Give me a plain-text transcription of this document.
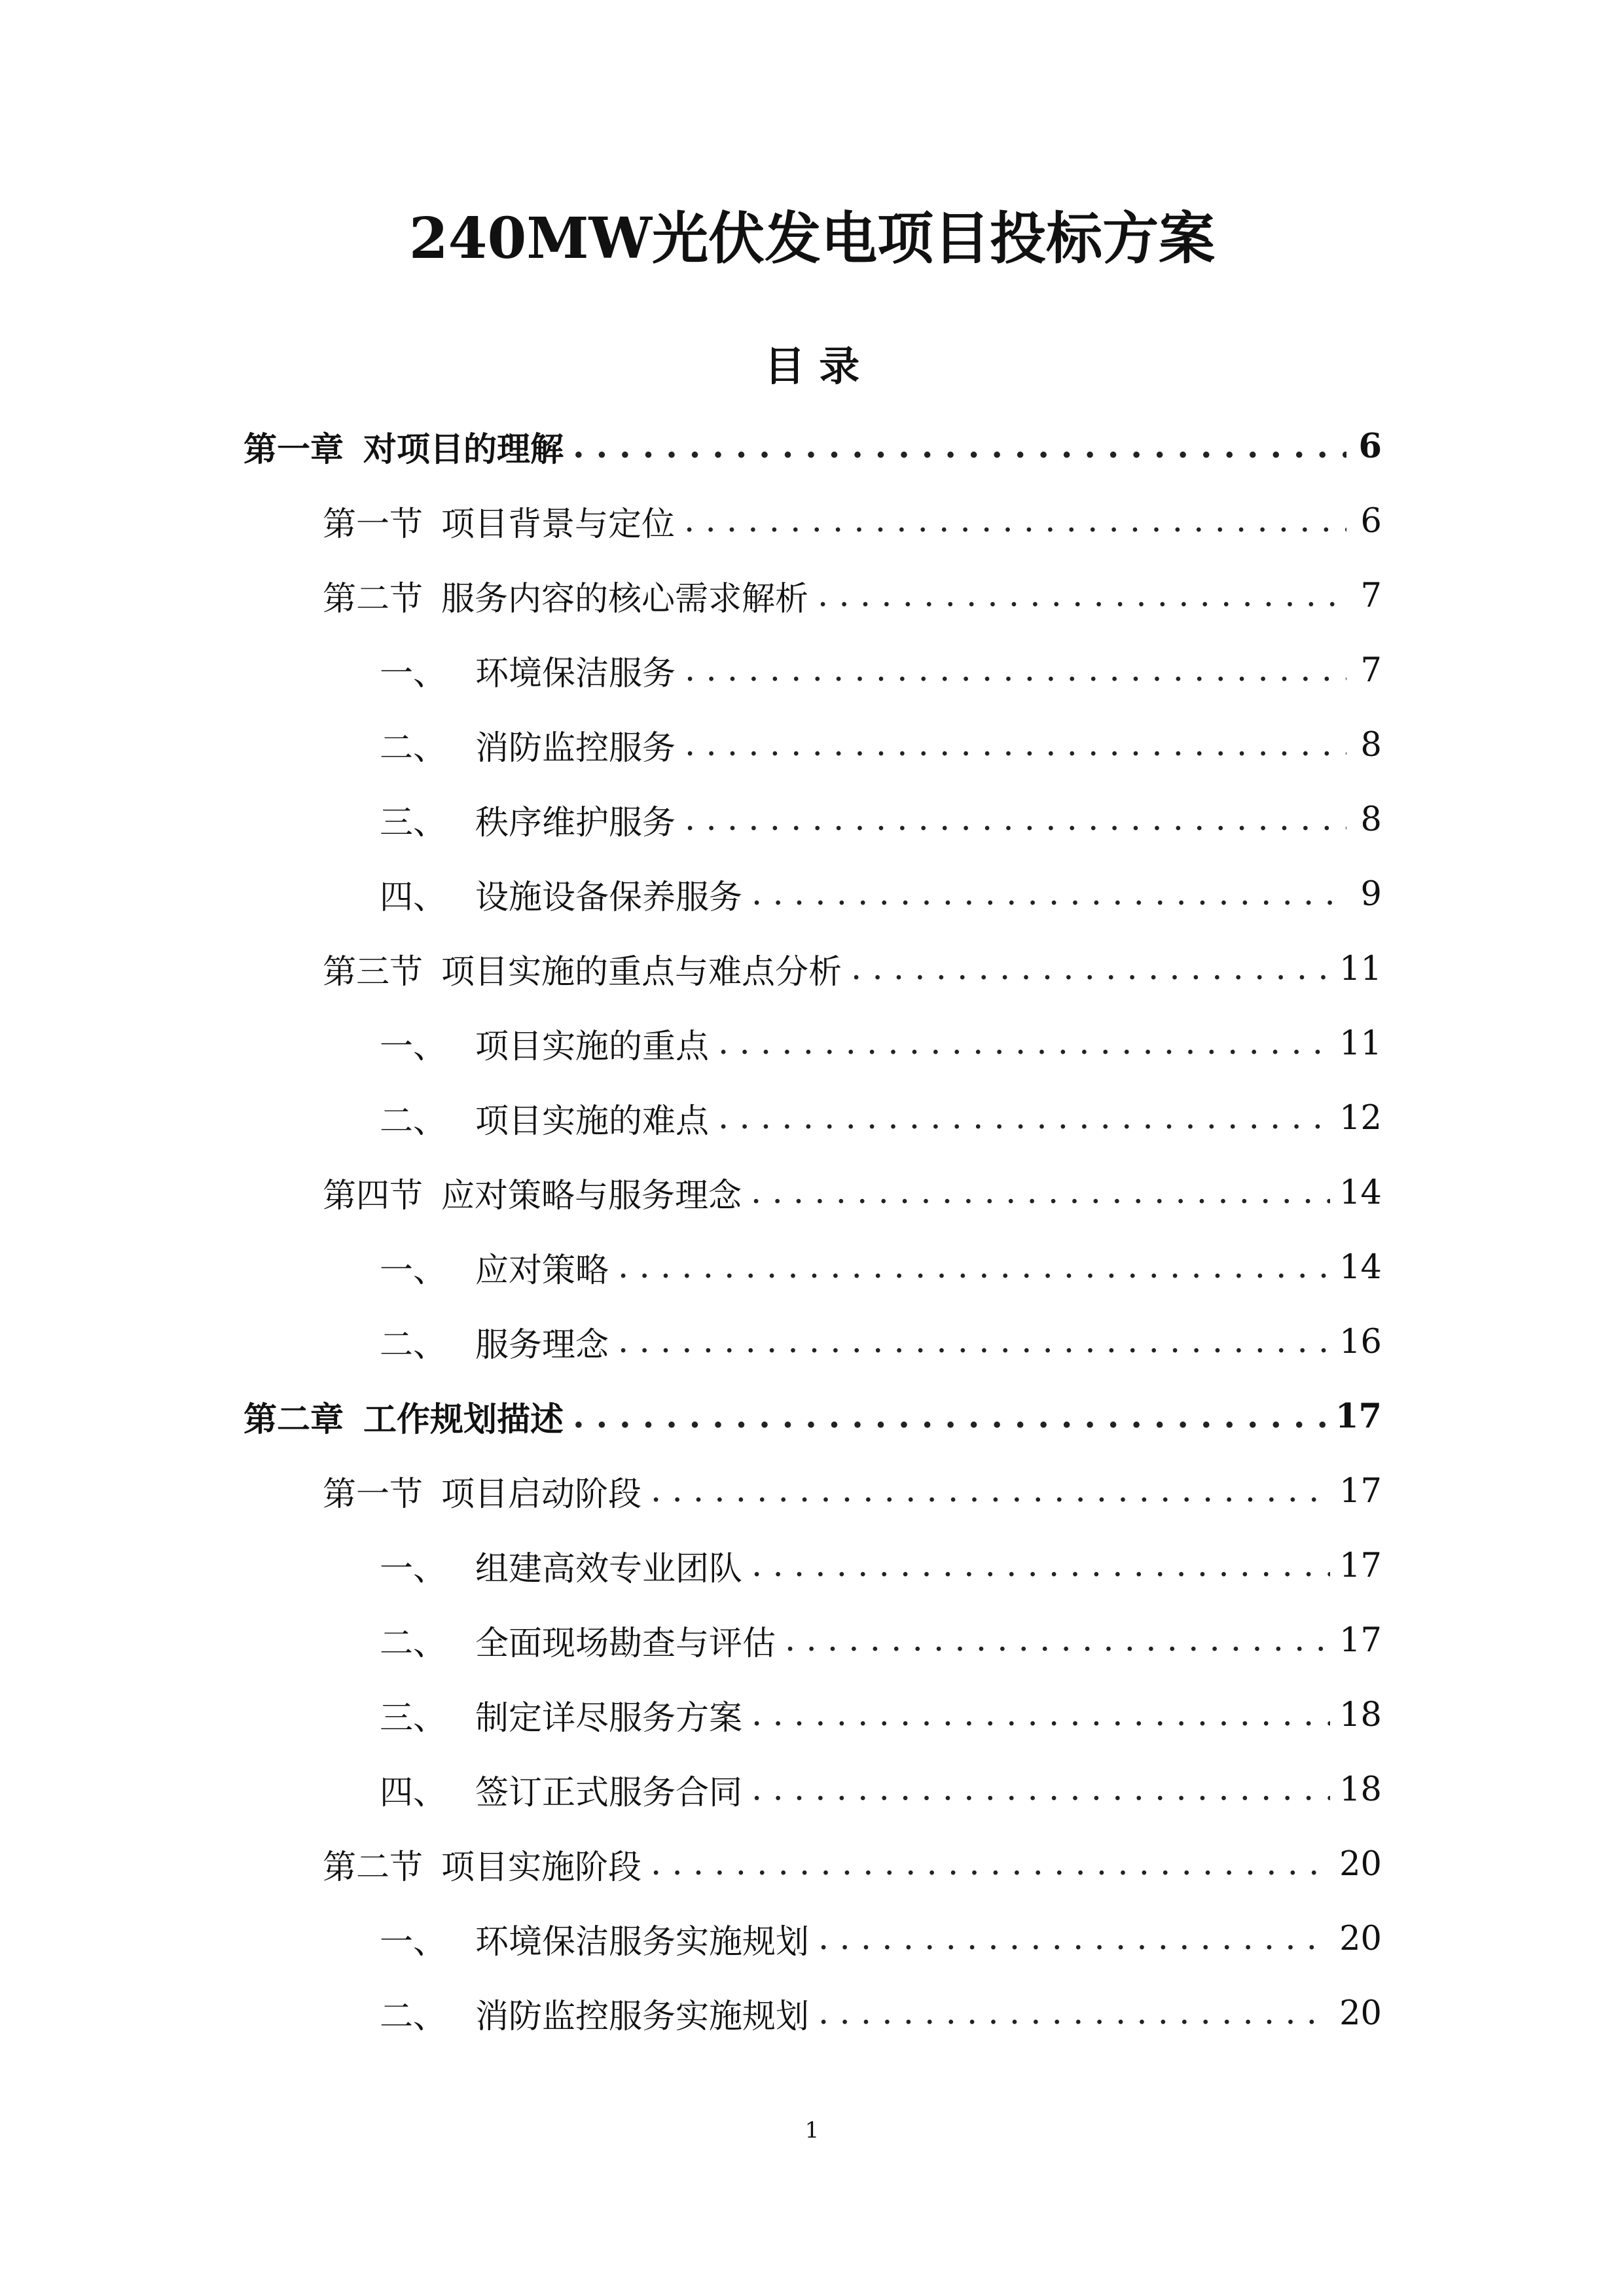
240MW光伏发电项目投标方案
目 录
第一章 对项目的理解 . . .	6
第一节 项目背景与定位 . . .	6
第二节 服务内容的核心需求解析 . . .	7
一、 环境保洁服务 . . .	7
二、 消防监控服务 . . .	8
三、 秩序维护服务 . . .	8
四、 设施设备保养服务 . . .	9
第三节 项目实施的重点与难点分析 . . .	11
一、 项目实施的重点 . . .	11
二、 项目实施的难点 . . .	12
第四节 应对策略与服务理念 . . .	14
一、 应对策略 . . .	14
二、 服务理念 . . .	16
第二章 工作规划描述 . . .	17
第一节 项目启动阶段 . . .	17
一、 组建高效专业团队 . . .	17
二、 全面现场勘查与评估 . . .	17
三、 制定详尽服务方案 . . .	18
四、 签订正式服务合同 . . .	18
第二节 项目实施阶段 . . .	20
一、 环境保洁服务实施规划 . . .	20
二、 消防监控服务实施规划 . . .	20
1
